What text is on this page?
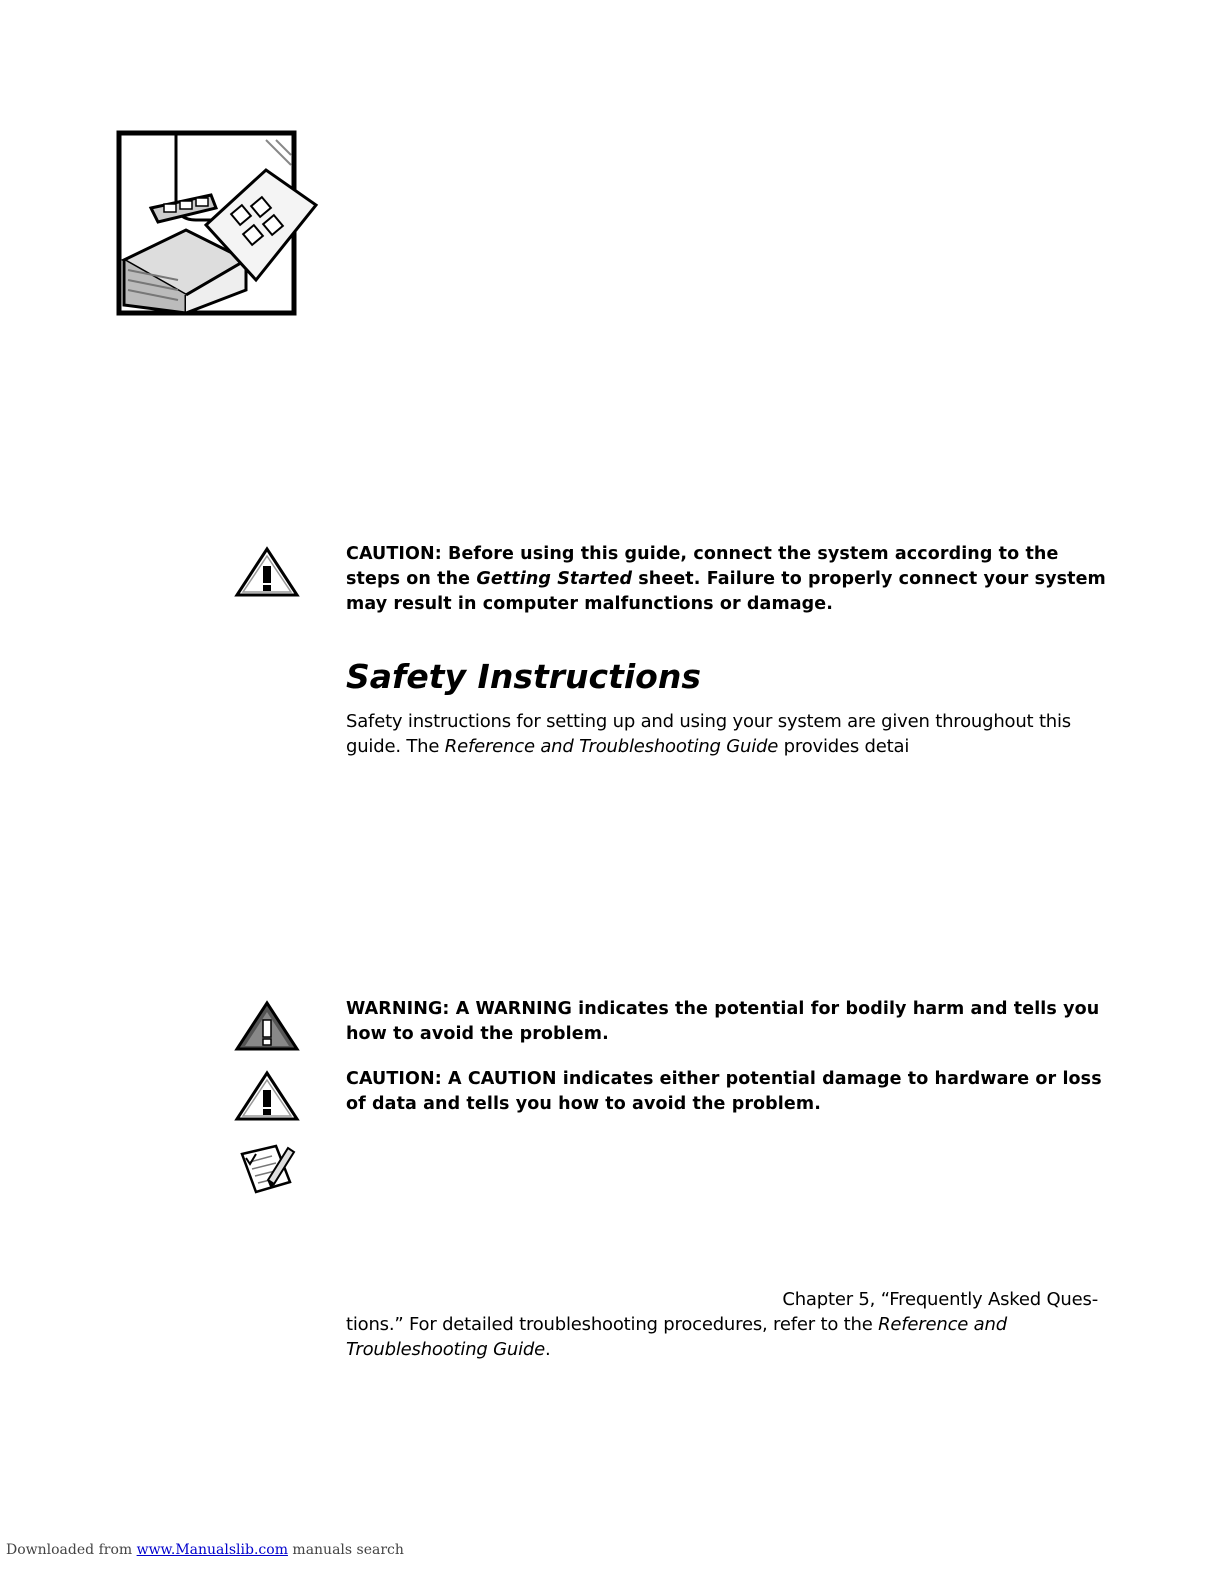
CAUTION: Before using this guide, connect the system according to the steps on the Getting Started sheet. Failure to properly connect your system may result in computer malfunctions or damage.
Safety Instructions

Safety instructions for setting up and using your system are given throughout this guide. The Reference and Troubleshooting Guide provides detai

WARNING: A WARNING indicates the potential for bodily harm and tells you how to avoid the problem.
CAUTION: A CAUTION indicates either potential damage to hardware or loss of data and tells you how to avoid the problem.

Chapter 5, “Frequently Asked Ques-
tions.” For detailed troubleshooting procedures, refer to the Reference and Troubleshooting Guide.

Downloaded from www.Manualslib.com manuals search
